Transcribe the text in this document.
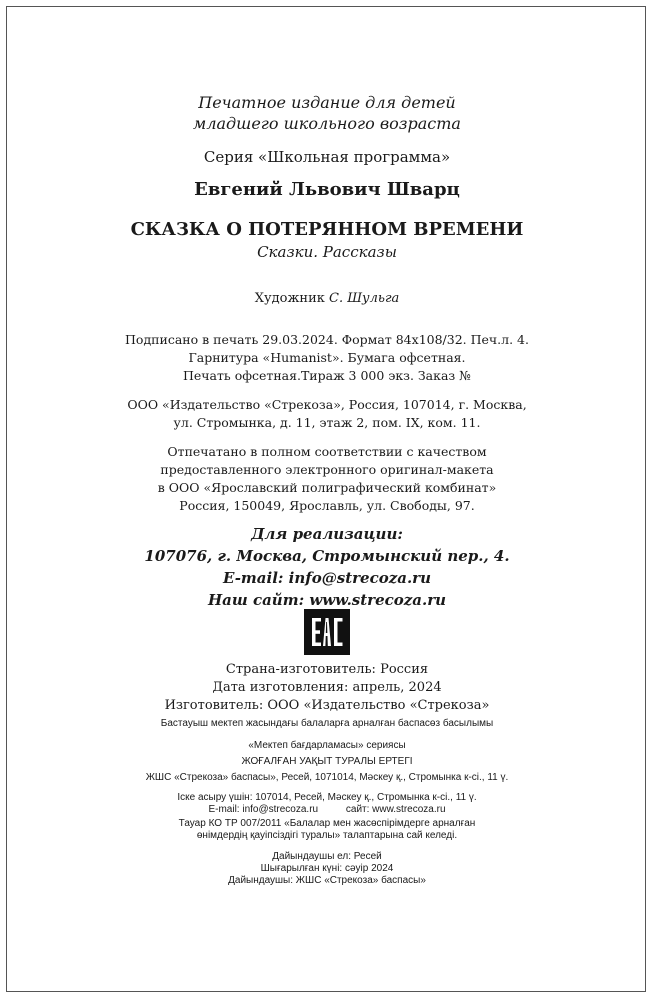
Печатное издание для детей
младшего школьного возраста
Серия «Школьная программа»
Евгений Львович Шварц
СКАЗКА О ПОТЕРЯННОМ ВРЕМЕНИ
Сказки. Рассказы
Художник С. Шульга
Подписано в печать 29.03.2024. Формат 84х108/32. Печ.л. 4.
Гарнитура «Humanist». Бумага офсетная.
Печать офсетная.Тираж 3 000 экз. Заказ №
ООО «Издательство «Стрекоза», Россия, 107014, г. Москва,
ул. Стромынка, д. 11, этаж 2, пом. IX, ком. 11.
Отпечатано в полном соответствии с качеством
предоставленного электронного оригинал-макета
в ООО «Ярославский полиграфический комбинат»
Россия, 150049, Ярославль, ул. Свободы, 97.
Для реализации:
107076, г. Москва, Стромынский пер., 4.
E-mail: info@strecoza.ru
Наш сайт: www.strecoza.ru
Страна-изготовитель: Россия
Дата изготовления: апрель, 2024
Изготовитель: ООО «Издательство «Стрекоза»
Бастауыш мектеп жасындағы балаларға арналған баспасөз басылымы
«Мектеп бағдарламасы» сериясы
ЖОҒАЛҒАН УАҚЫТ ТУРАЛЫ ЕРТЕГІ
ЖШС «Стрекоза» баспасы», Ресей, 1071014, Мәскеу қ., Стромынка к-сі., 11 ү.
Іске асыру үшін: 107014, Ресей, Мәскеу қ., Стромынка к-сі., 11 ү.
E-mail: info@strecoza.ru          сайт: www.strecoza.ru
Тауар КО ТР 007/2011 «Балалар мен жасөспірімдерге арналған
өнімдердің қауіпсіздігі туралы» талаптарына сай келеді.
Дайындаушы ел: Ресей
Шығарылған күні: сәуір 2024
Дайындаушы: ЖШС «Стрекоза» баспасы»
